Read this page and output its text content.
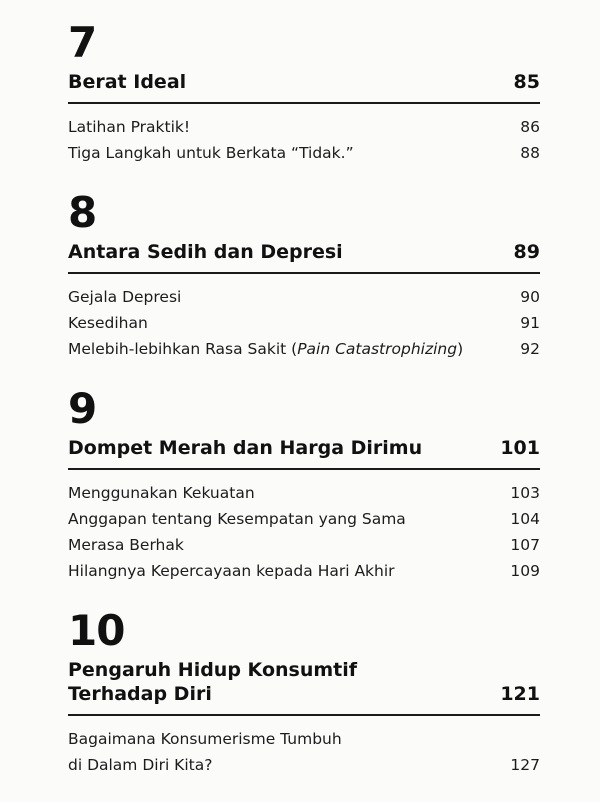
7
Berat Ideal	85
Latihan Praktik!	86
Tiga Langkah untuk Berkata “Tidak.”	88
8
Antara Sedih dan Depresi	89
Gejala Depresi	90
Kesedihan	91
Melebih-lebihkan Rasa Sakit (Pain Catastrophizing)	92
9
Dompet Merah dan Harga Dirimu	101
Menggunakan Kekuatan	103
Anggapan tentang Kesempatan yang Sama	104
Merasa Berhak	107
Hilangnya Kepercayaan kepada Hari Akhir	109
10
Pengaruh Hidup Konsumtif
Terhadap Diri	121
Bagaimana Konsumerisme Tumbuh
di Dalam Diri Kita?	127
